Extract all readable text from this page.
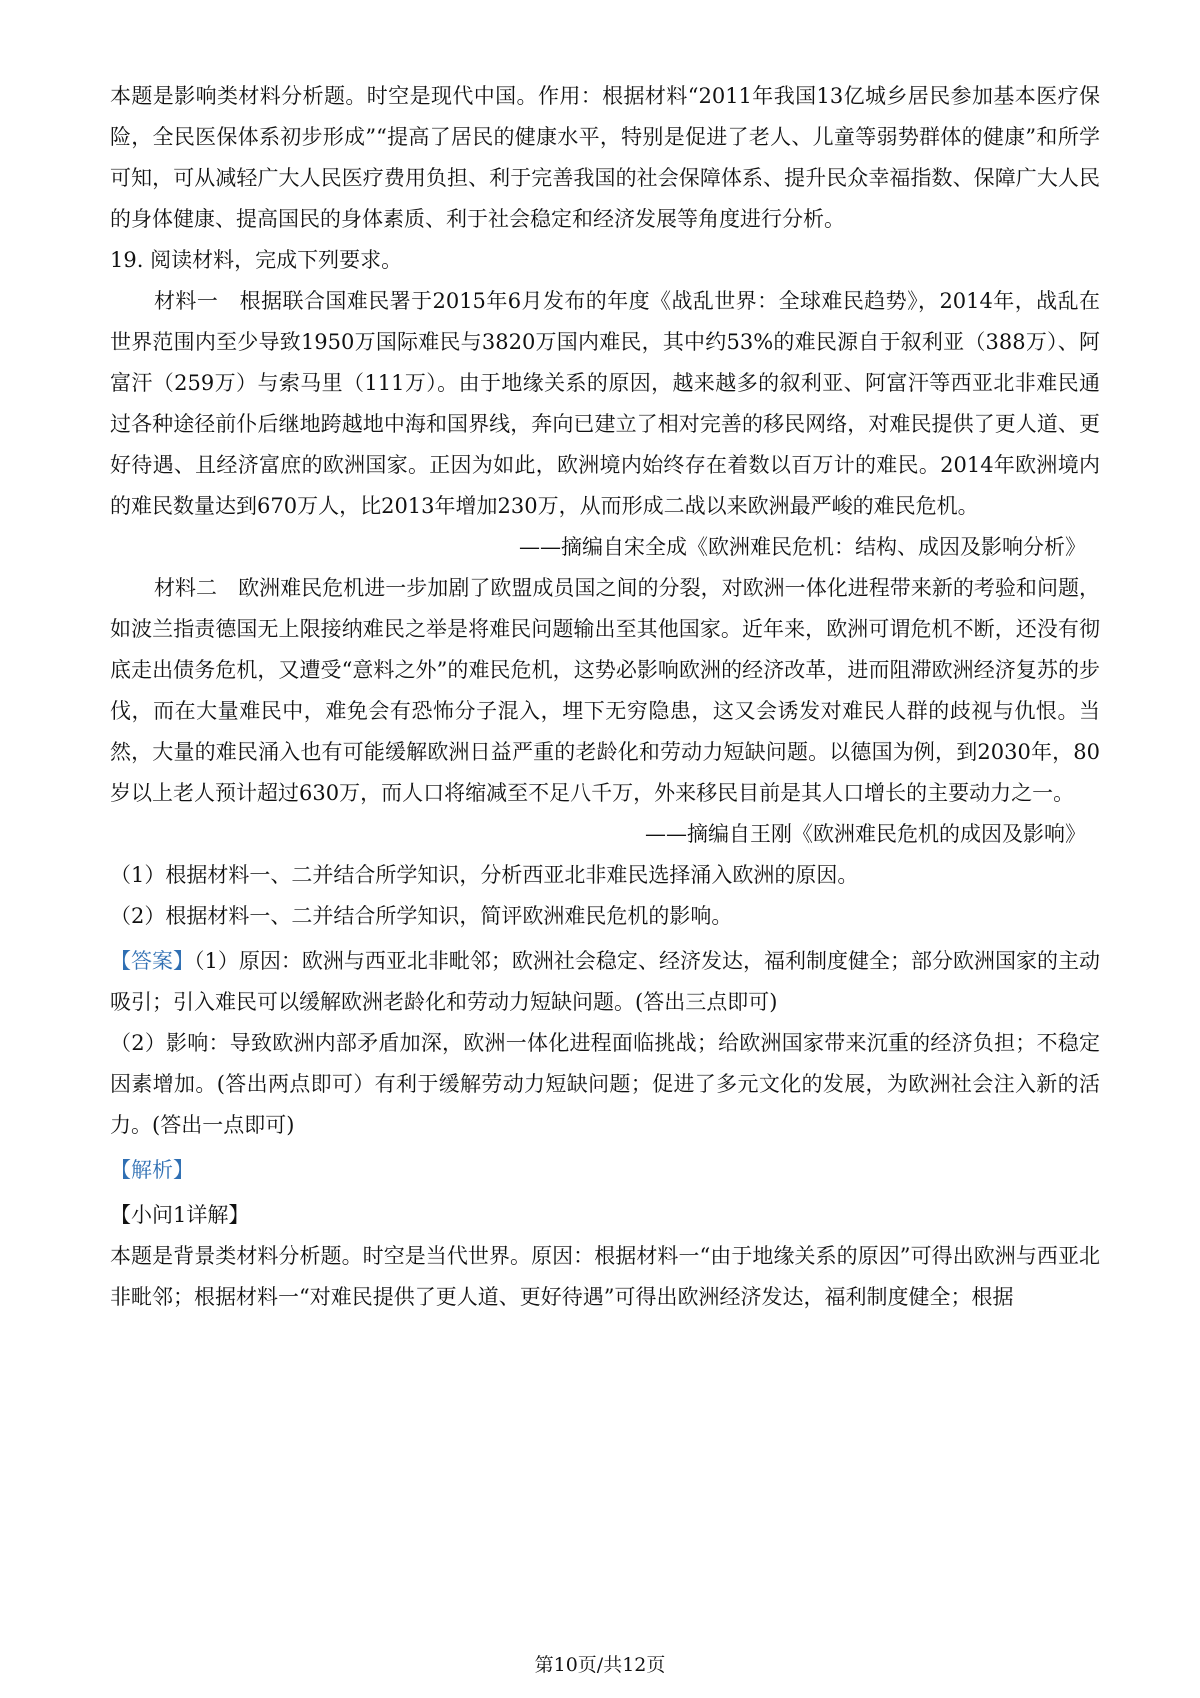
本题是影响类材料分析题。时空是现代中国。作用：根据材料“2011年我国13亿城乡居民参加基本医疗保险，全民医保体系初步形成”“提高了居民的健康水平，特别是促进了老人、儿童等弱势群体的健康”和所学可知，可从减轻广大人民医疗费用负担、利于完善我国的社会保障体系、提升民众幸福指数、保障广大人民的身体健康、提高国民的身体素质、利于社会稳定和经济发展等角度进行分析。

19. 阅读材料，完成下列要求。

材料一　根据联合国难民署于2015年6月发布的年度《战乱世界：全球难民趋势》，2014年，战乱在世界范围内至少导致1950万国际难民与3820万国内难民，其中约53%的难民源自于叙利亚（388万）、阿富汗（259万）与索马里（111万）。由于地缘关系的原因，越来越多的叙利亚、阿富汗等西亚北非难民通过各种途径前仆后继地跨越地中海和国界线，奔向已建立了相对完善的移民网络，对难民提供了更人道、更好待遇、且经济富庶的欧洲国家。正因为如此，欧洲境内始终存在着数以百万计的难民。2014年欧洲境内的难民数量达到670万人，比2013年增加230万，从而形成二战以来欧洲最严峻的难民危机。

——摘编自宋全成《欧洲难民危机：结构、成因及影响分析》

材料二　欧洲难民危机进一步加剧了欧盟成员国之间的分裂，对欧洲一体化进程带来新的考验和问题，如波兰指责德国无上限接纳难民之举是将难民问题输出至其他国家。近年来，欧洲可谓危机不断，还没有彻底走出债务危机，又遭受“意料之外”的难民危机，这势必影响欧洲的经济改革，进而阻滞欧洲经济复苏的步伐，而在大量难民中，难免会有恐怖分子混入，埋下无穷隐患，这又会诱发对难民人群的歧视与仇恨。当然，大量的难民涌入也有可能缓解欧洲日益严重的老龄化和劳动力短缺问题。以德国为例，到2030年，80岁以上老人预计超过630万，而人口将缩减至不足八千万，外来移民目前是其人口增长的主要动力之一。

——摘编自王刚《欧洲难民危机的成因及影响》

（1）根据材料一、二并结合所学知识，分析西亚北非难民选择涌入欧洲的原因。

（2）根据材料一、二并结合所学知识，简评欧洲难民危机的影响。

【答案】（1）原因：欧洲与西亚北非毗邻；欧洲社会稳定、经济发达，福利制度健全；部分欧洲国家的主动吸引；引入难民可以缓解欧洲老龄化和劳动力短缺问题。(答出三点即可)

（2）影响：导致欧洲内部矛盾加深，欧洲一体化进程面临挑战；给欧洲国家带来沉重的经济负担；不稳定因素增加。(答出两点即可）有利于缓解劳动力短缺问题；促进了多元文化的发展，为欧洲社会注入新的活力。(答出一点即可)

【解析】

【小问1详解】

本题是背景类材料分析题。时空是当代世界。原因：根据材料一“由于地缘关系的原因”可得出欧洲与西亚北非毗邻；根据材料一“对难民提供了更人道、更好待遇”可得出欧洲经济发达，福利制度健全；根据

第10页/共12页
